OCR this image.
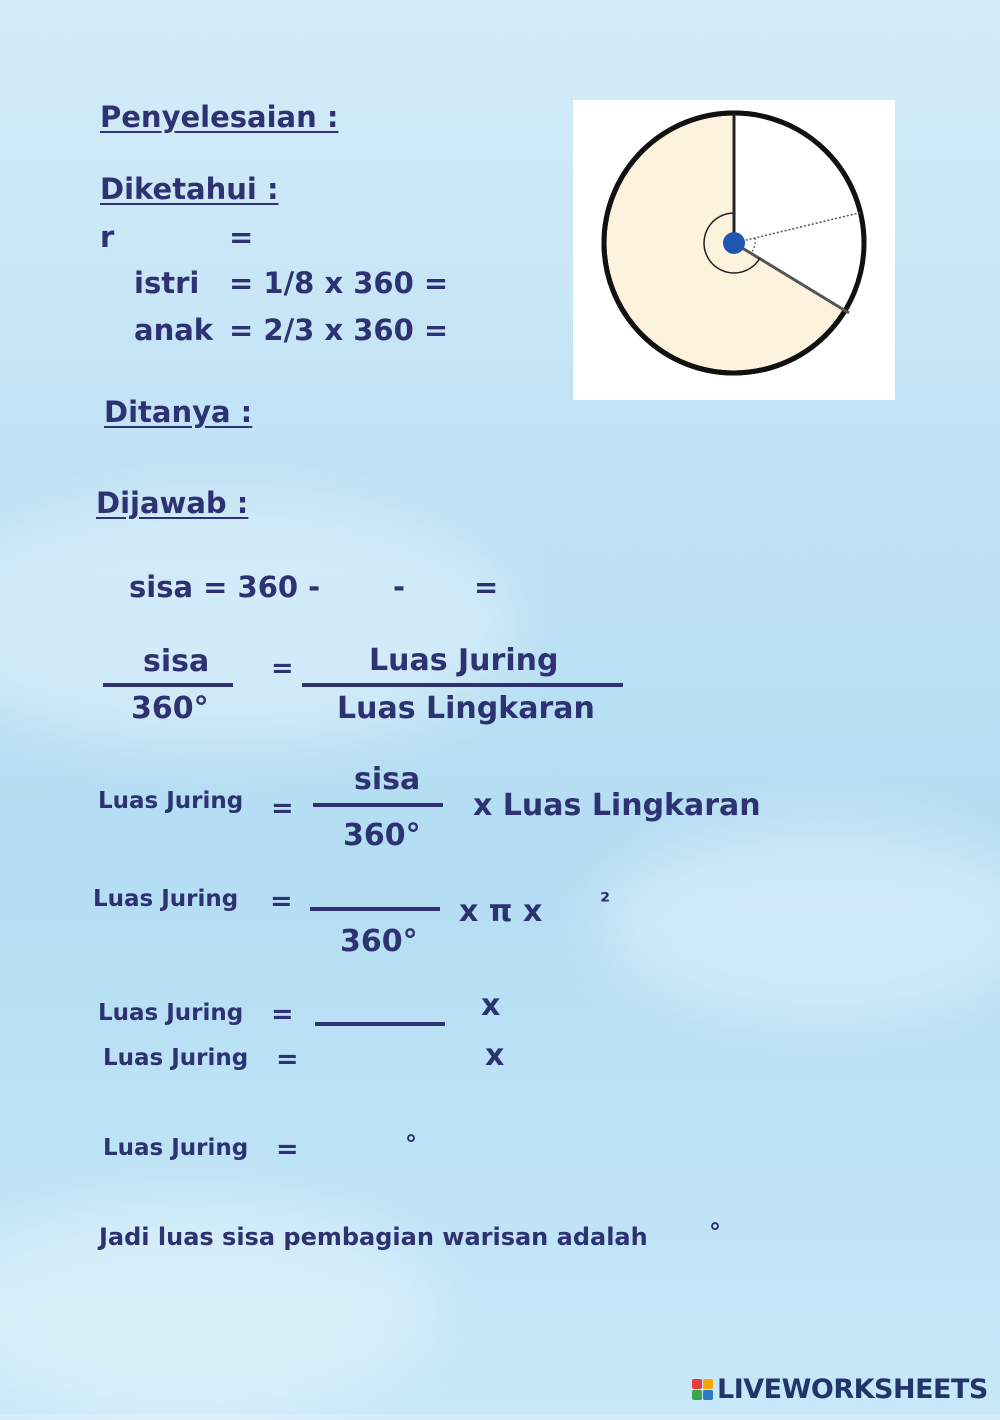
Penyelesaian :
Diketahui :
r	=
istri = 1/8 x 360 =
anak = 2/3 x 360 =
Ditanya :
Dijawab :
sisa = 360 -	- =
sisa
360°
=	Luas Juring
Luas Lingkaran
Luas Juring =
sisa
360°
x Luas Lingkaran
Luas Juring =
360°
x π x	²
Luas Juring =	x
Luas Juring =	x
Luas Juring =	°
Jadi luas sisa pembagian warisan adalah	°
LIVEWORKSHEETS
